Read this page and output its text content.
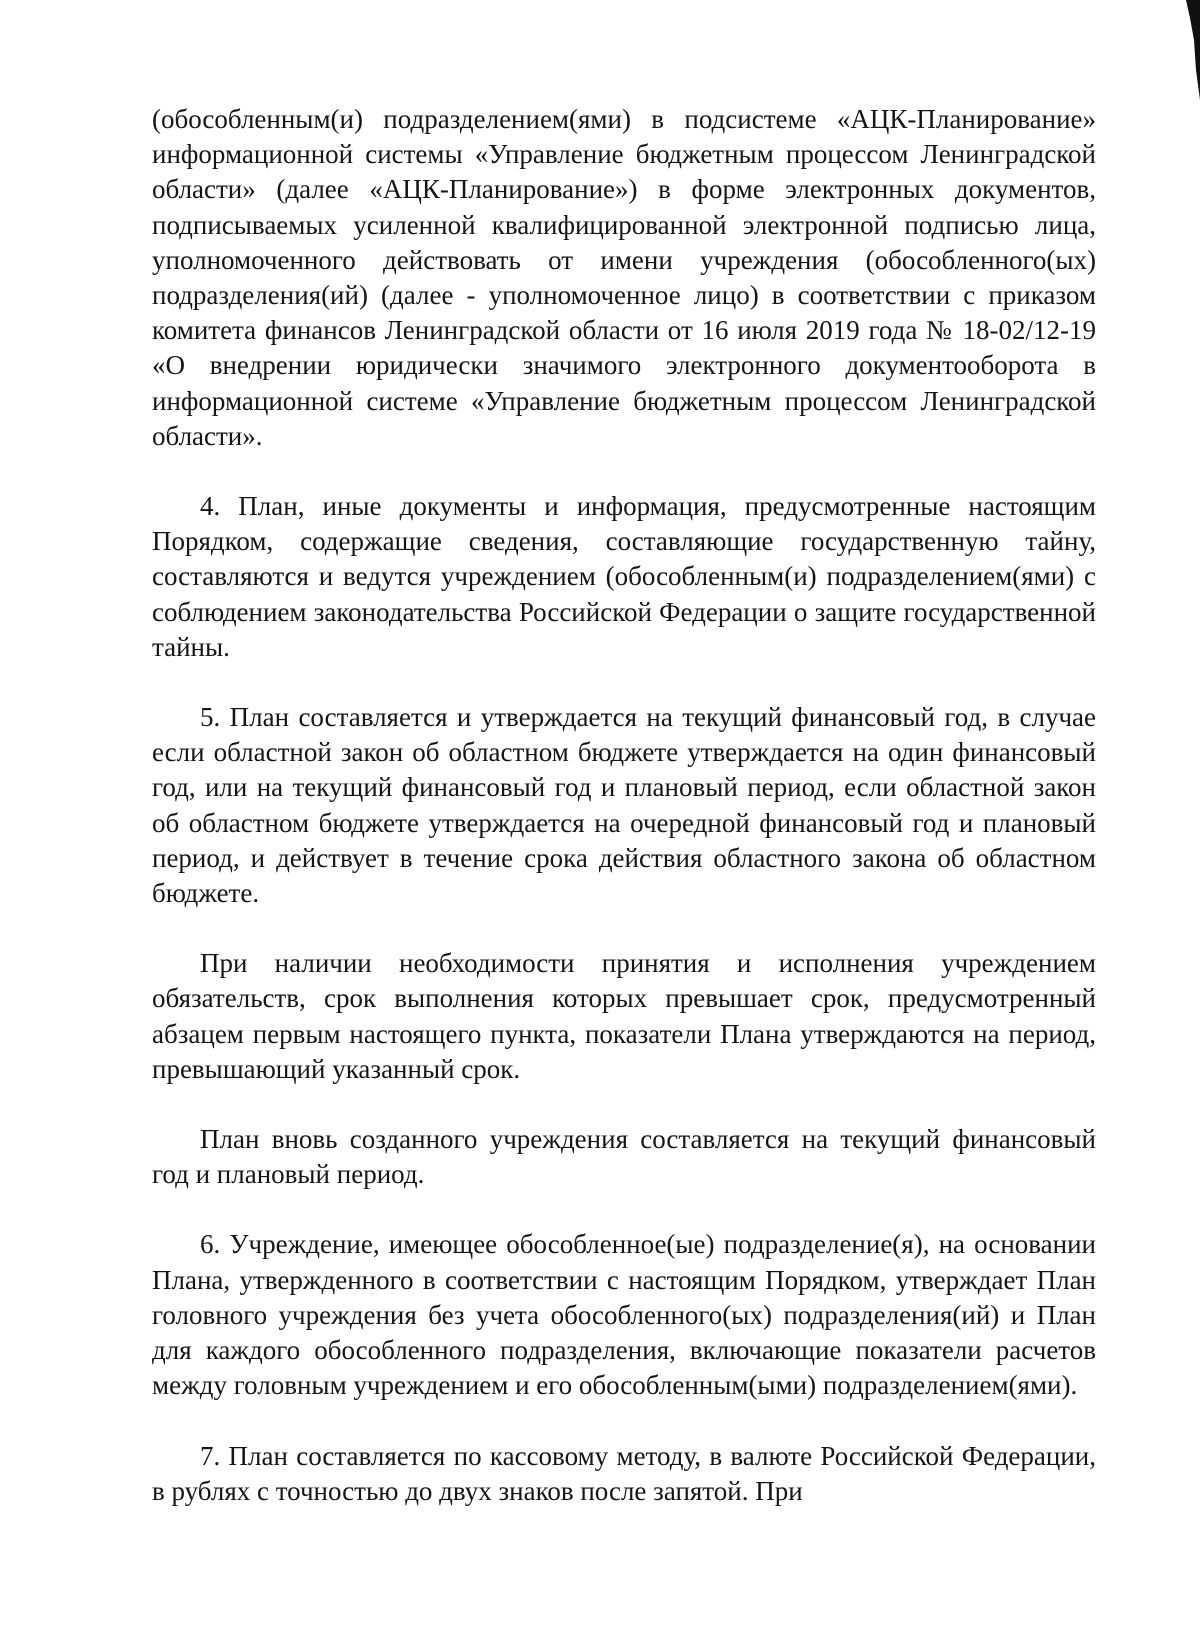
(обособленным(и) подразделением(ями) в подсистеме «АЦК-Планирование» информационной системы «Управление бюджетным процессом Ленинградской области» (далее «АЦК-Планирование») в форме электронных документов, подписываемых усиленной квалифицированной электронной подписью лица, уполномоченного действовать от имени учреждения (обособленного(ых) подразделения(ий) (далее - уполномоченное лицо) в соответствии с приказом комитета финансов Ленинградской области от 16 июля 2019 года № 18-02/12-19 «О внедрении юридически значимого электронного документооборота в информационной системе «Управление бюджетным процессом Ленинградской области».

4. План, иные документы и информация, предусмотренные настоящим Порядком, содержащие сведения, составляющие государственную тайну, составляются и ведутся учреждением (обособленным(и) подразделением(ями) с соблюдением законодательства Российской Федерации о защите государственной тайны.

5. План составляется и утверждается на текущий финансовый год, в случае если областной закон об областном бюджете утверждается на один финансовый год, или на текущий финансовый год и плановый период, если областной закон об областном бюджете утверждается на очередной финансовый год и плановый период, и действует в течение срока действия областного закона об областном бюджете.

При наличии необходимости принятия и исполнения учреждением обязательств, срок выполнения которых превышает срок, предусмотренный абзацем первым настоящего пункта, показатели Плана утверждаются на период, превышающий указанный срок.

План вновь созданного учреждения составляется на текущий финансовый год и плановый период.

6. Учреждение, имеющее обособленное(ые) подразделение(я), на основании Плана, утвержденного в соответствии с настоящим Порядком, утверждает План головного учреждения без учета обособленного(ых) подразделения(ий) и План для каждого обособленного подразделения, включающие показатели расчетов между головным учреждением и его обособленным(ыми) подразделением(ями).

7. План составляется по кассовому методу, в валюте Российской Федерации, в рублях с точностью до двух знаков после запятой. При
